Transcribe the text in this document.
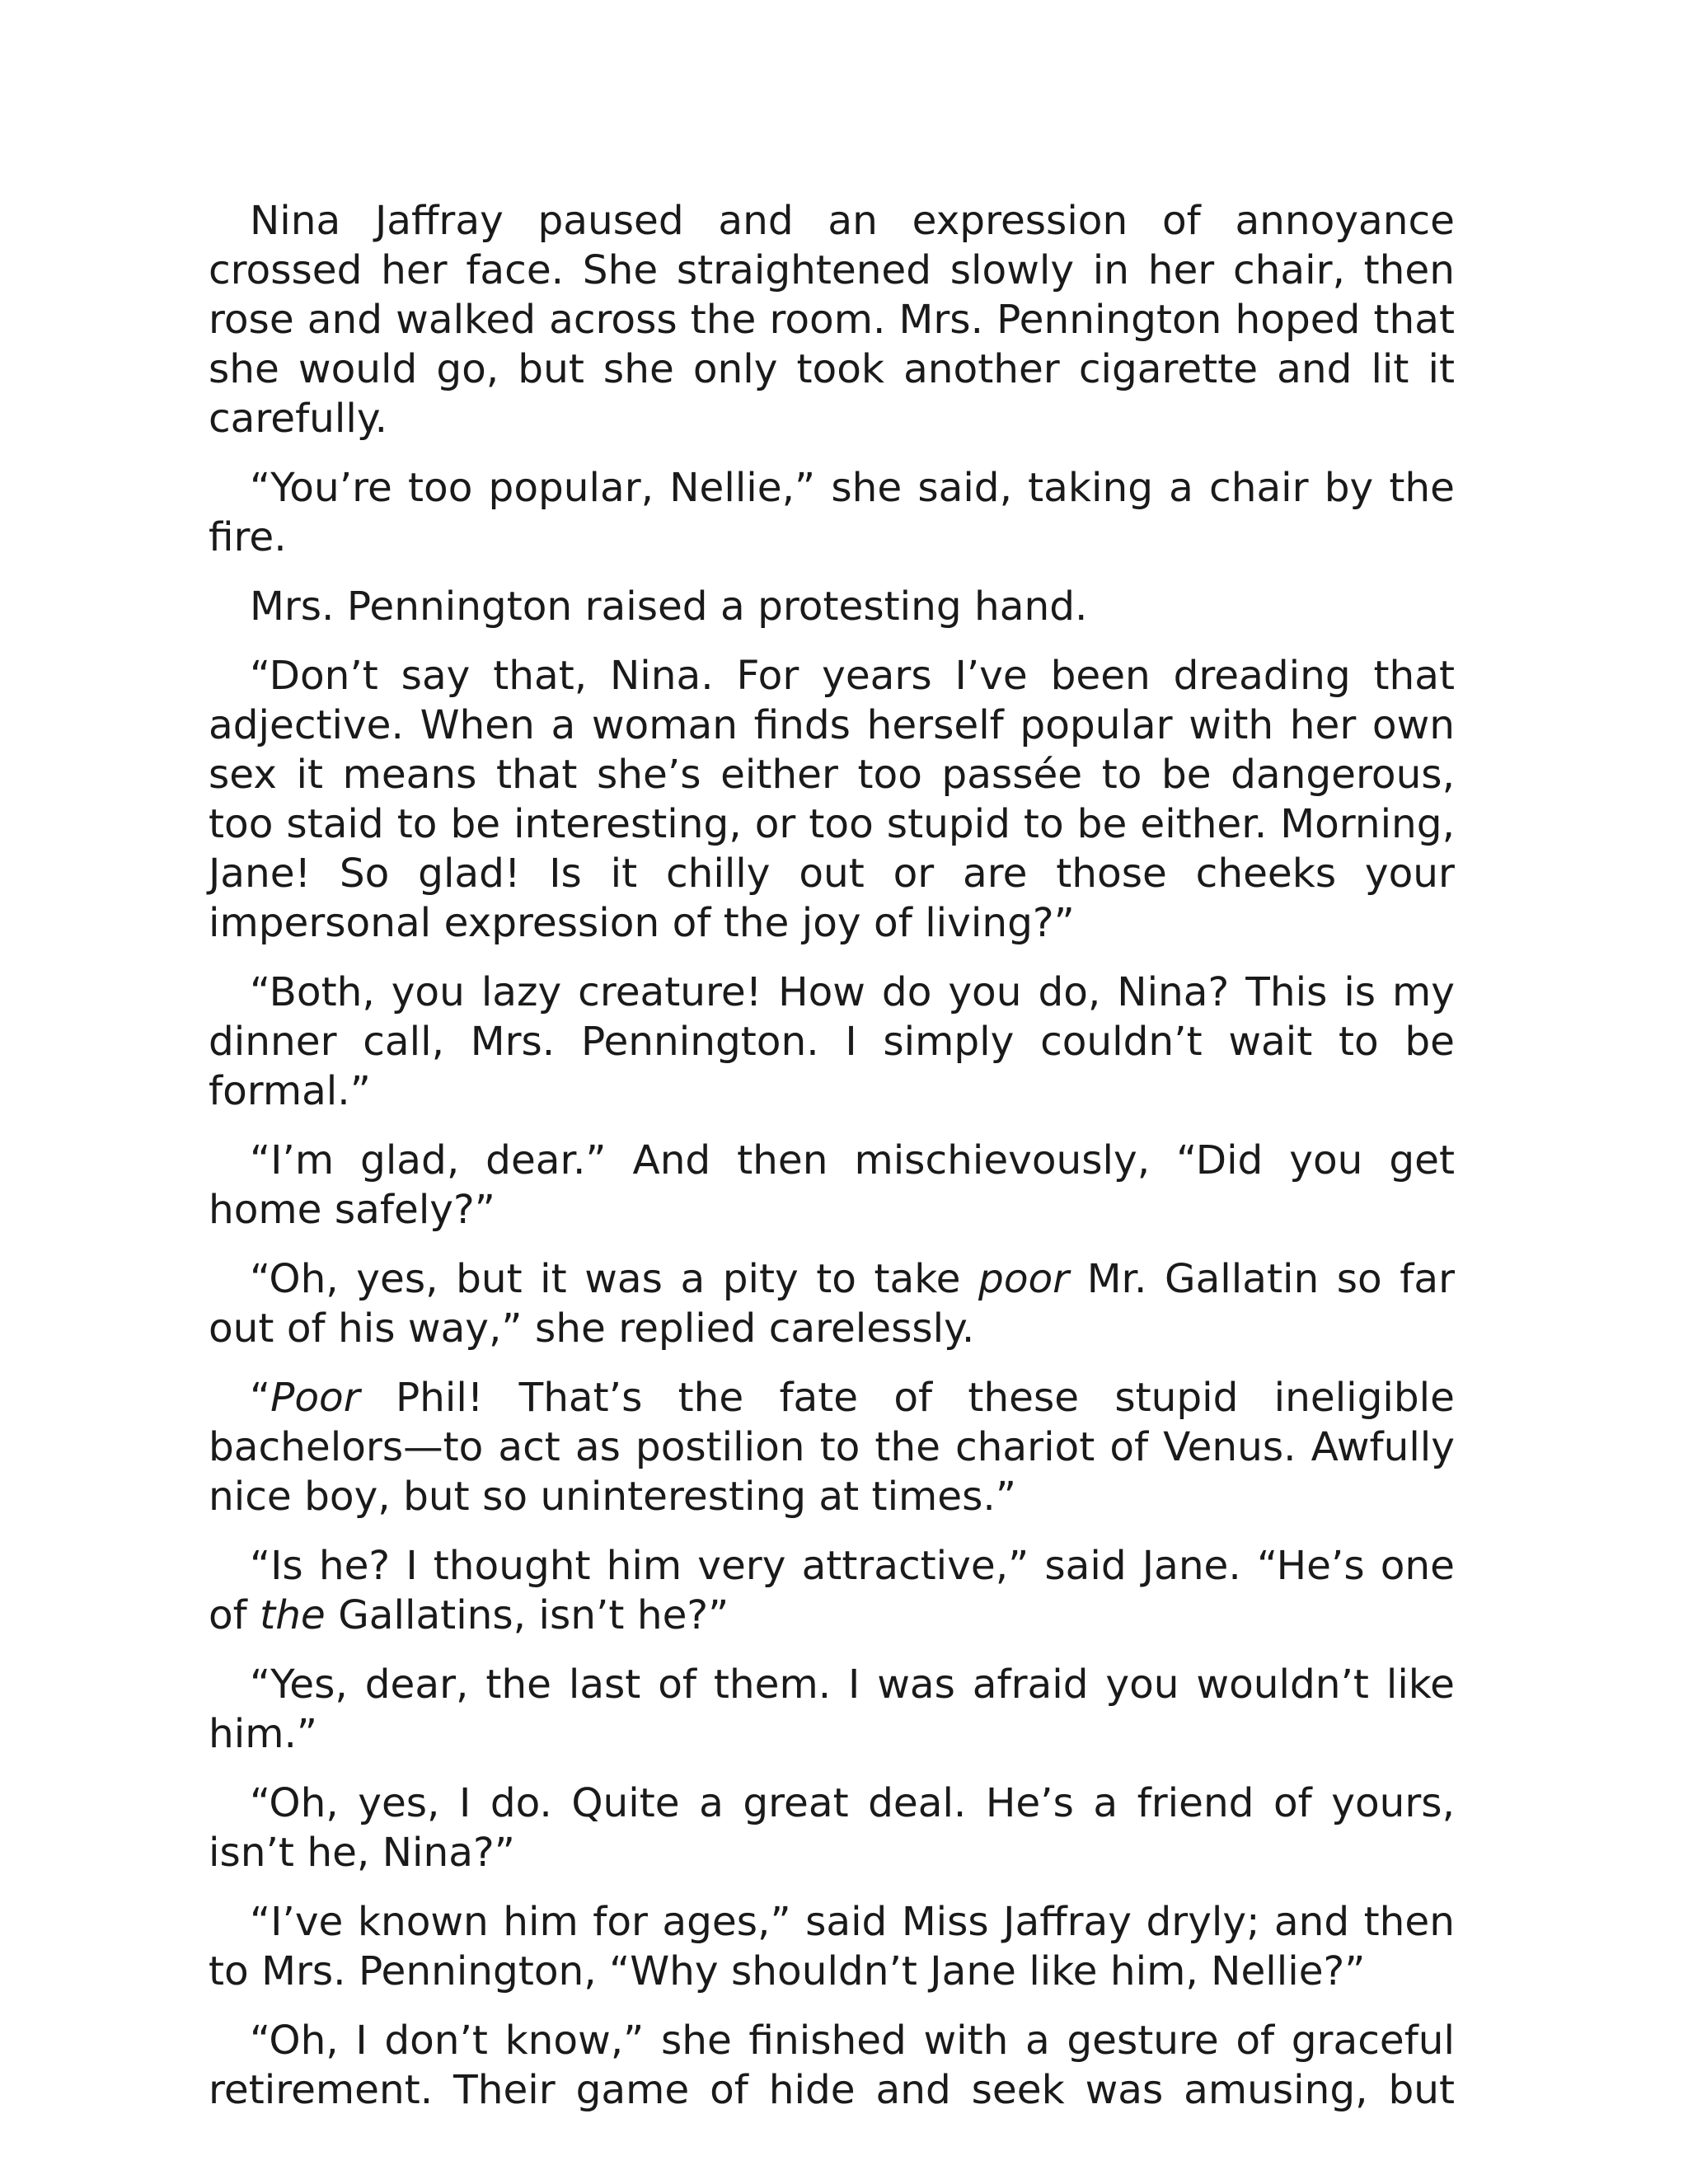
Nina Jaffray paused and an expression of annoyance crossed her face. She straightened slowly in her chair, then rose and walked across the room. Mrs. Pennington hoped that she would go, but she only took another cigarette and lit it carefully.

“You’re too popular, Nellie,” she said, taking a chair by the fire.

Mrs. Pennington raised a protesting hand.

“Don’t say that, Nina. For years I’ve been dreading that adjective. When a woman finds herself popular with her own sex it means that she’s either too passée to be dangerous, too staid to be interesting, or too stupid to be either. Morning, Jane! So glad! Is it chilly out or are those cheeks your impersonal expression of the joy of living?”

“Both, you lazy creature! How do you do, Nina? This is my dinner call, Mrs. Pennington. I simply couldn’t wait to be formal.”

“I’m glad, dear.” And then mischievously, “Did you get home safely?”

“Oh, yes, but it was a pity to take poor Mr. Gallatin so far out of his way,” she replied carelessly.

“Poor Phil! That’s the fate of these stupid ineligible bachelors—to act as postilion to the chariot of Venus. Awfully nice boy, but so uninteresting at times.”

“Is he? I thought him very attractive,” said Jane. “He’s one of the Gallatins, isn’t he?”

“Yes, dear, the last of them. I was afraid you wouldn’t like him.”

“Oh, yes, I do. Quite a great deal. He’s a friend of yours, isn’t he, Nina?”

“I’ve known him for ages,” said Miss Jaffray dryly; and then to Mrs. Pennington, “Why shouldn’t Jane like him, Nellie?”

“Oh, I don’t know,” she finished with a gesture of graceful retirement. Their game of hide and seek was amusing, but
